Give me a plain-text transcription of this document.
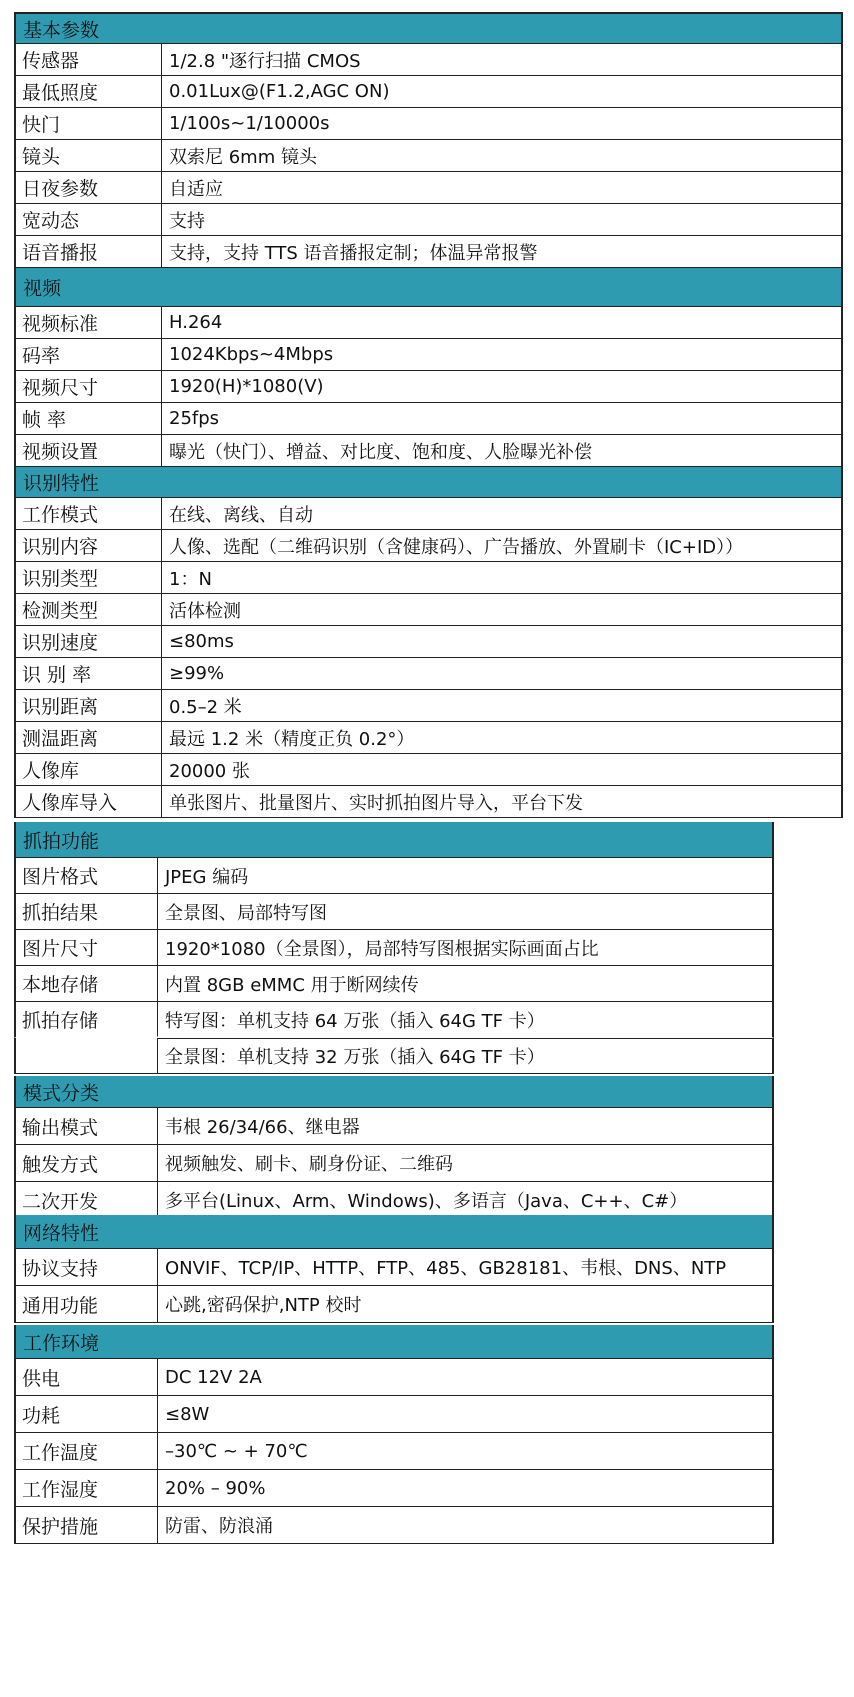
基本参数
传感器	1/2.8 "逐行扫描 CMOS
最低照度	0.01Lux@(F1.2,AGC ON)
快门	1/100s~1/10000s
镜头	双索尼 6mm 镜头
日夜参数	自适应
宽动态	支持
语音播报	支持，支持 TTS 语音播报定制；体温异常报警
视频
视频标准	H.264
码率	1024Kbps~4Mbps
视频尺寸	1920(H)*1080(V)
帧 率	25fps
视频设置	曝光（快门）、增益、对比度、饱和度、人脸曝光补偿
识别特性
工作模式	在线、离线、自动
识别内容	人像、选配（二维码识别（含健康码）、广告播放、外置刷卡（IC+ID））
识别类型	1：N
检测类型	活体检测
识别速度	≤80ms
识 别 率	≥99%
识别距离	0.5–2 米
测温距离	最远 1.2 米（精度正负 0.2°）
人像库	20000 张
人像库导入	单张图片、批量图片、实时抓拍图片导入，平台下发
抓拍功能
图片格式	JPEG 编码
抓拍结果	全景图、局部特写图
图片尺寸	1920*1080（全景图），局部特写图根据实际画面占比
本地存储	内置 8GB eMMC 用于断网续传
抓拍存储	特写图：单机支持 64 万张（插入 64G TF 卡）
全景图：单机支持 32 万张（插入 64G TF 卡）
模式分类
输出模式	韦根 26/34/66、继电器
触发方式	视频触发、刷卡、刷身份证、二维码
二次开发	多平台(Linux、Arm、Windows)、多语言（Java、C++、C#）
网络特性
协议支持	ONVIF、TCP/IP、HTTP、FTP、485、GB28181、韦根、DNS、NTP
通用功能	心跳,密码保护,NTP 校时
工作环境
供电	DC 12V 2A
功耗	≤8W
工作温度	–30℃ ~ + 70℃
工作湿度	20% – 90%
保护措施	防雷、防浪涌
